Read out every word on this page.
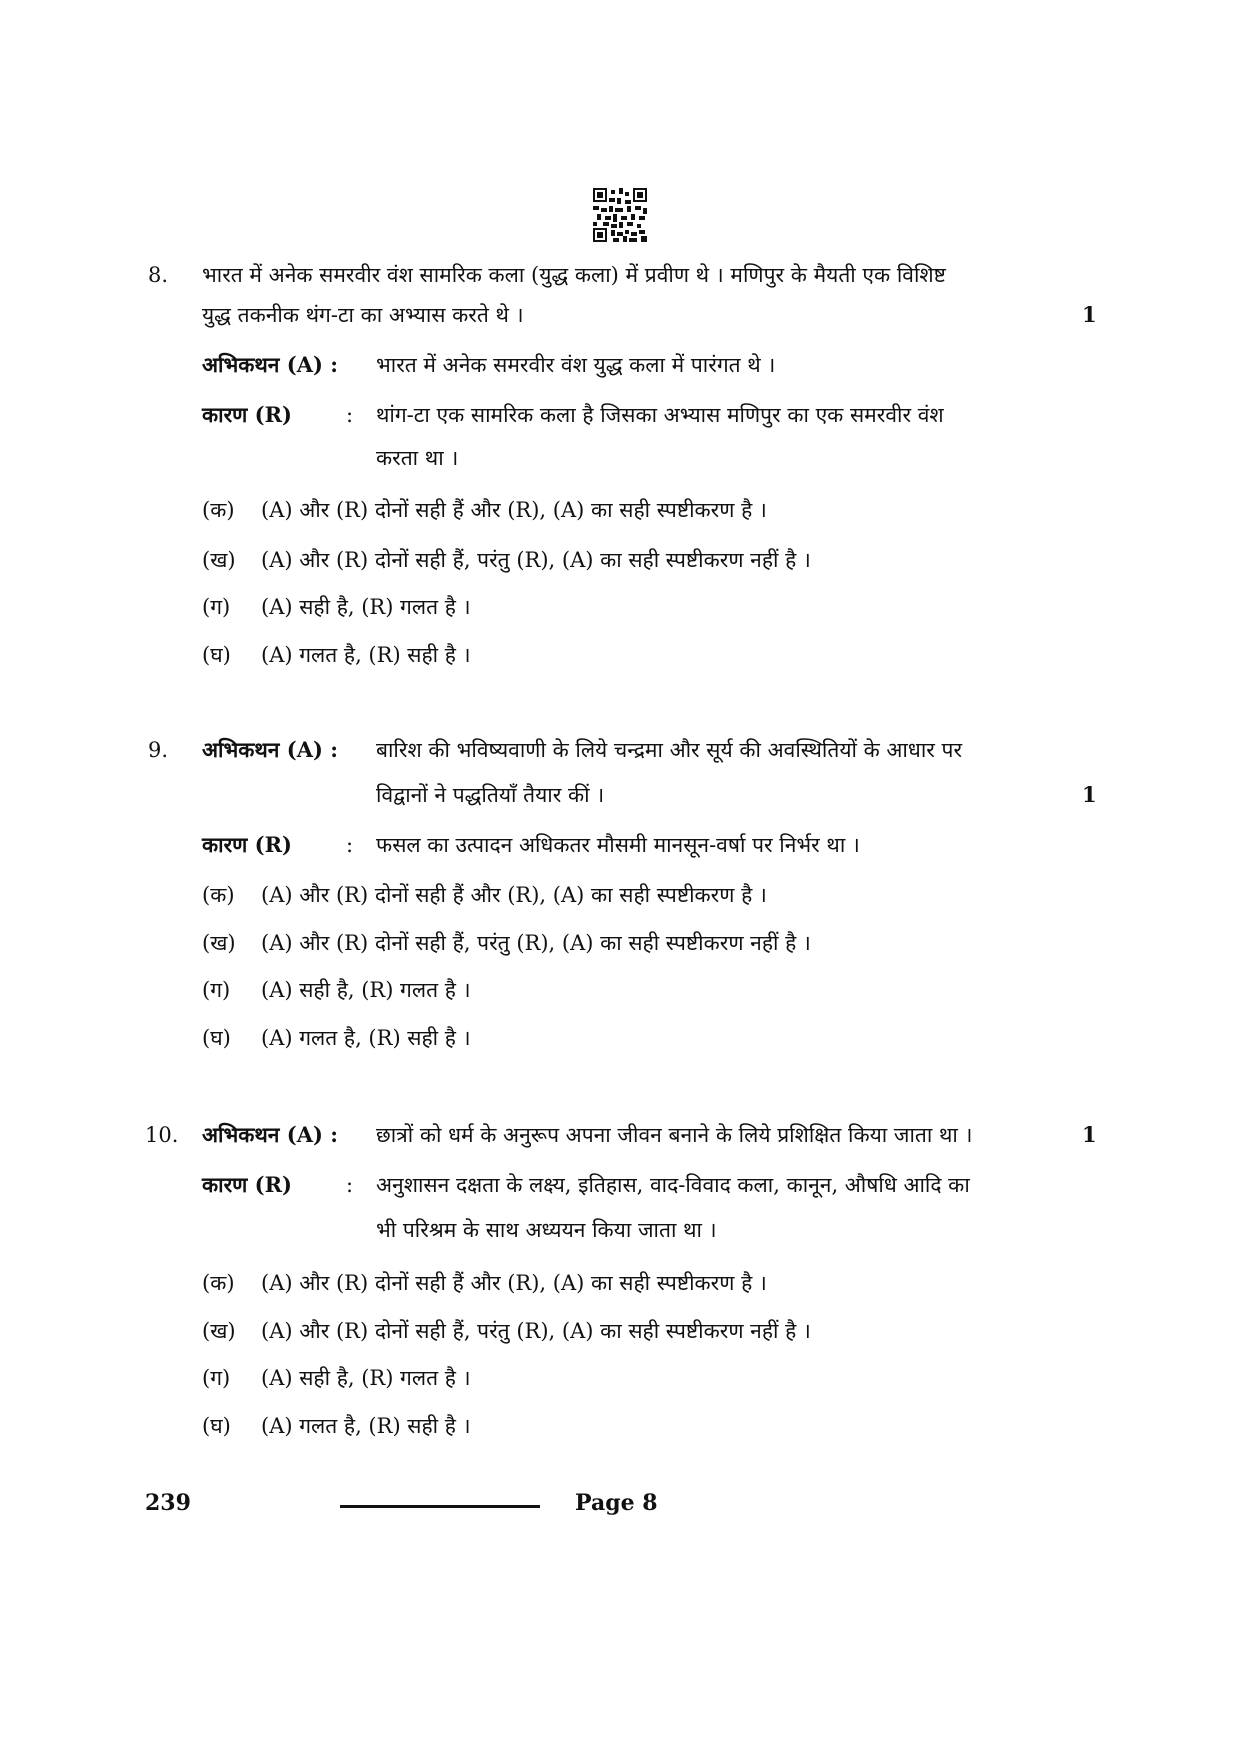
8. भारत में अनेक समरवीर वंश सामरिक कला (युद्ध कला) में प्रवीण थे । मणिपुर के मैयती एक विशिष्ट
युद्ध तकनीक थंग-टा का अभ्यास करते थे ।	1
अभिकथन (A) : भारत में अनेक समरवीर वंश युद्ध कला में पारंगत थे ।
कारण (R)	: थांग-टा एक सामरिक कला है जिसका अभ्यास मणिपुर का एक समरवीर वंश
करता था ।
(क) (A) और (R) दोनों सही हैं और (R), (A) का सही स्पष्टीकरण है ।
(ख) (A) और (R) दोनों सही हैं, परंतु (R), (A) का सही स्पष्टीकरण नहीं है ।
(ग) (A) सही है, (R) गलत है ।
(घ) (A) गलत है, (R) सही है ।
9. अभिकथन (A) : बारिश की भविष्यवाणी के लिये चन्द्रमा और सूर्य की अवस्थितियों के आधार पर
विद्वानों ने पद्धतियाँ तैयार कीं ।	1
कारण (R)	: फसल का उत्पादन अधिकतर मौसमी मानसून-वर्षा पर निर्भर था ।
(क) (A) और (R) दोनों सही हैं और (R), (A) का सही स्पष्टीकरण है ।
(ख) (A) और (R) दोनों सही हैं, परंतु (R), (A) का सही स्पष्टीकरण नहीं है ।
(ग) (A) सही है, (R) गलत है ।
(घ) (A) गलत है, (R) सही है ।
10. अभिकथन (A) : छात्रों को धर्म के अनुरूप अपना जीवन बनाने के लिये प्रशिक्षित किया जाता था ।	1
कारण (R)	: अनुशासन दक्षता के लक्ष्य, इतिहास, वाद-विवाद कला, कानून, औषधि आदि का
भी परिश्रम के साथ अध्ययन किया जाता था ।
(क) (A) और (R) दोनों सही हैं और (R), (A) का सही स्पष्टीकरण है ।
(ख) (A) और (R) दोनों सही हैं, परंतु (R), (A) का सही स्पष्टीकरण नहीं है ।
(ग) (A) सही है, (R) गलत है ।
(घ) (A) गलत है, (R) सही है ।
239	Page 8
